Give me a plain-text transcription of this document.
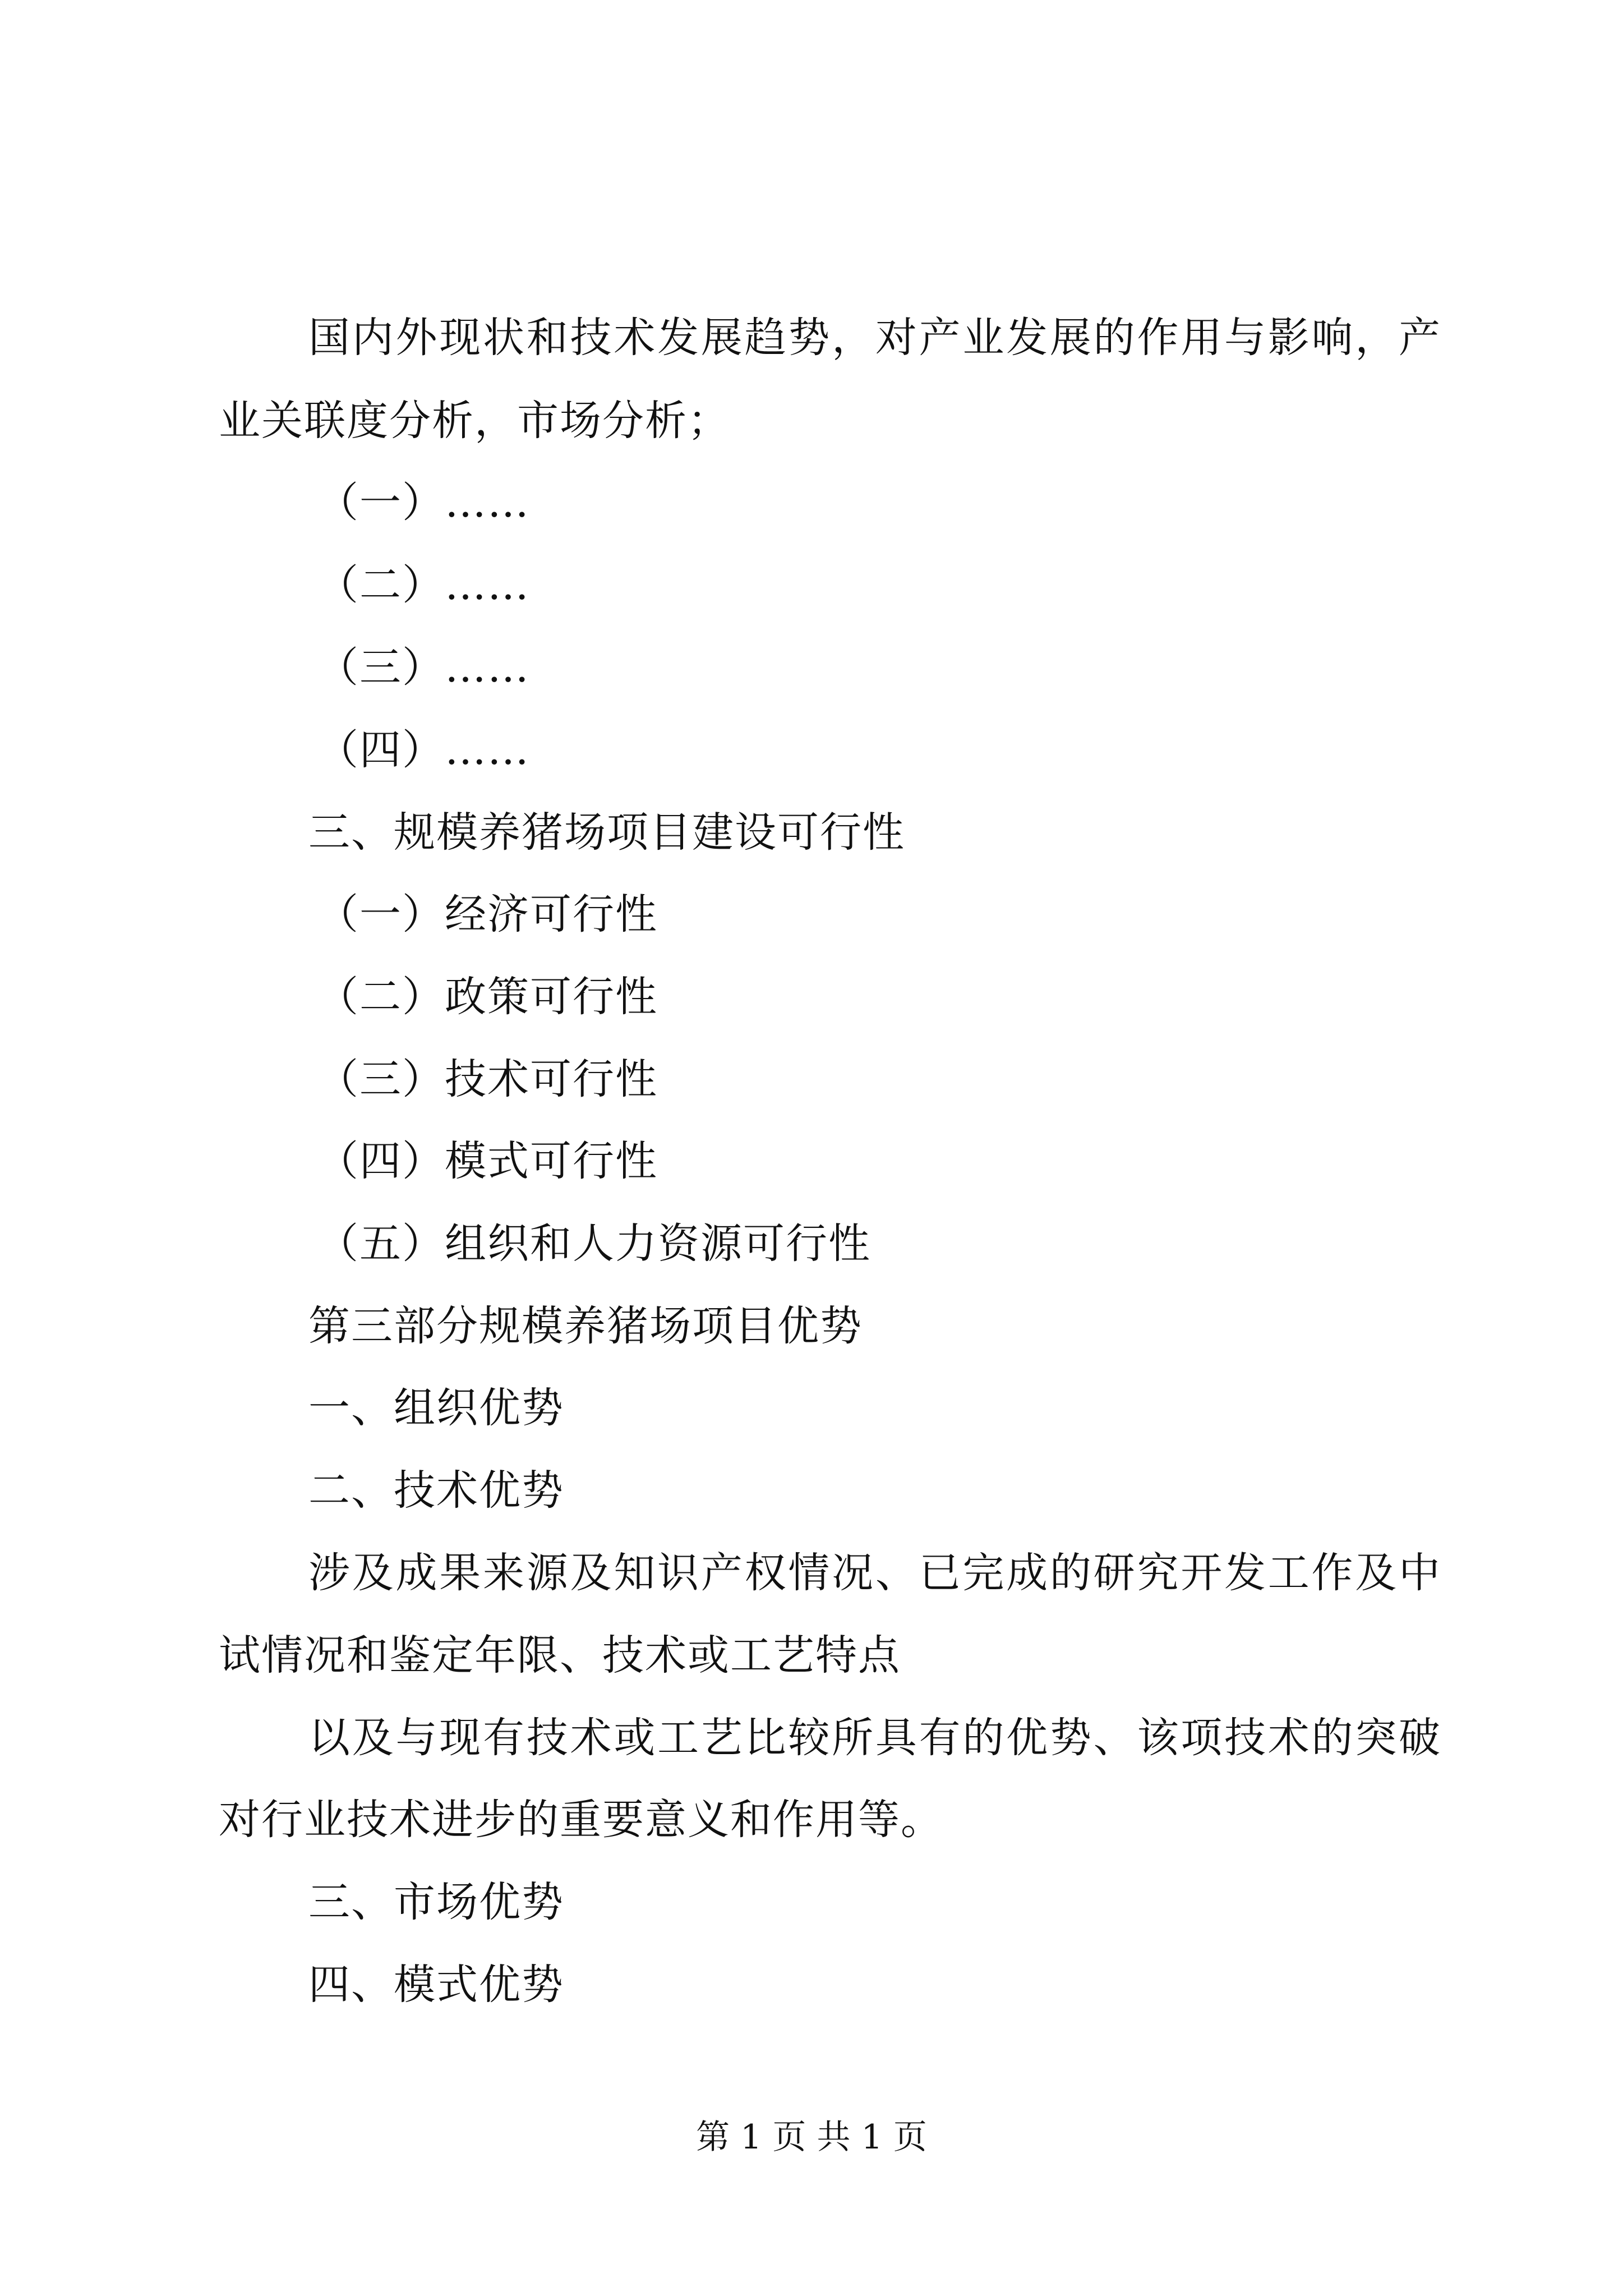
国内外现状和技术发展趋势，对产业发展的作用与影响，产
业关联度分析，市场分析；
（一）……
（二）……
（三）……
（四）……
三、规模养猪场项目建设可行性
（一）经济可行性
（二）政策可行性
（三）技术可行性
（四）模式可行性
（五）组织和人力资源可行性
第三部分规模养猪场项目优势
一、组织优势
二、技术优势
涉及成果来源及知识产权情况、已完成的研究开发工作及中
试情况和鉴定年限、技术或工艺特点
以及与现有技术或工艺比较所具有的优势、该项技术的突破
对行业技术进步的重要意义和作用等。
三、市场优势
四、模式优势
第 1 页 共 1 页
